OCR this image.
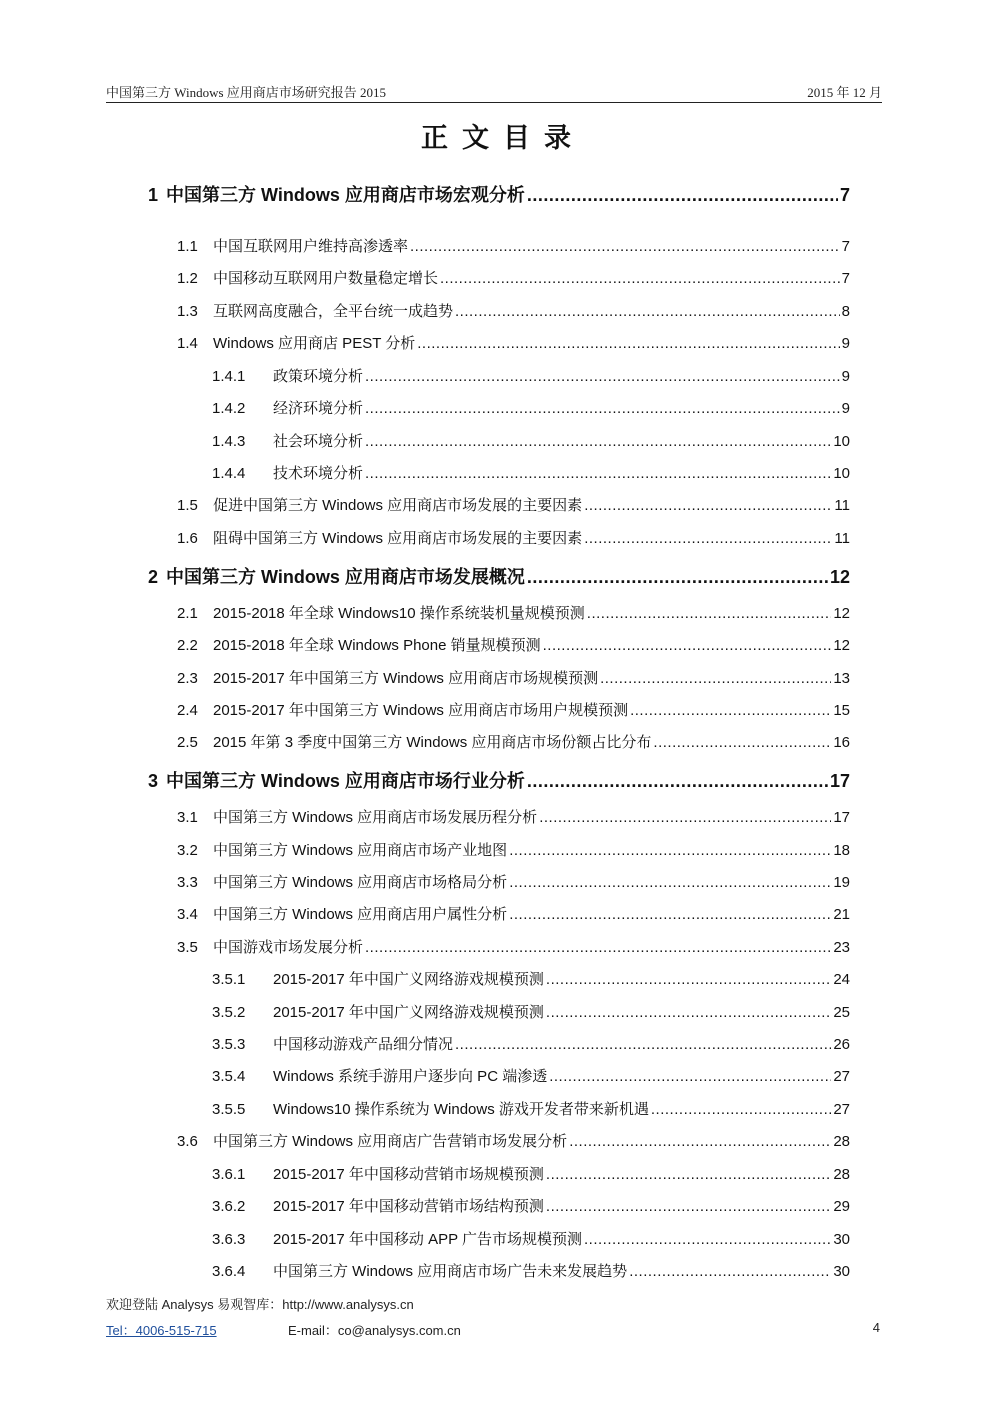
中国第三方 Windows 应用商店市场研究报告 2015	2015 年 12 月
正文目录
1 中国第三方 Windows 应用商店市场宏观分析 .....	7
1.1	中国互联网用户维持高渗透率 .....	7
1.2	中国移动互联网用户数量稳定增长 .....	7
1.3	互联网高度融合，全平台统一成趋势 .....	8
1.4	Windows 应用商店 PEST 分析 .....	9
1.4.1	政策环境分析 .....	9
1.4.2	经济环境分析 .....	9
1.4.3	社会环境分析 .....	10
1.4.4	技术环境分析 .....	10
1.5	促进中国第三方 Windows 应用商店市场发展的主要因素 .....	11
1.6	阻碍中国第三方 Windows 应用商店市场发展的主要因素 .....	11
2 中国第三方 Windows 应用商店市场发展概况 .....	12
2.1	2015-2018 年全球 Windows10 操作系统装机量规模预测 .....	12
2.2	2015-2018 年全球 Windows Phone 销量规模预测 .....	12
2.3	2015-2017 年中国第三方 Windows 应用商店市场规模预测 .....	13
2.4	2015-2017 年中国第三方 Windows 应用商店市场用户规模预测 .....	15
2.5	2015 年第 3 季度中国第三方 Windows 应用商店市场份额占比分布 .....	16
3 中国第三方 Windows 应用商店市场行业分析 .....	17
3.1	中国第三方 Windows 应用商店市场发展历程分析 .....	17
3.2	中国第三方 Windows 应用商店市场产业地图 .....	18
3.3	中国第三方 Windows 应用商店市场格局分析 .....	19
3.4	中国第三方 Windows 应用商店用户属性分析 .....	21
3.5	中国游戏市场发展分析 .....	23
3.5.1	2015-2017 年中国广义网络游戏规模预测 .....	24
3.5.2	2015-2017 年中国广义网络游戏规模预测 .....	25
3.5.3	中国移动游戏产品细分情况 .....	26
3.5.4	Windows 系统手游用户逐步向 PC 端渗透 .....	27
3.5.5	Windows10 操作系统为 Windows 游戏开发者带来新机遇 .....	27
3.6	中国第三方 Windows 应用商店广告营销市场发展分析 .....	28
3.6.1	2015-2017 年中国移动营销市场规模预测 .....	28
3.6.2	2015-2017 年中国移动营销市场结构预测 .....	29
3.6.3	2015-2017 年中国移动 APP 广告市场规模预测 .....	30
3.6.4	中国第三方 Windows 应用商店市场广告未来发展趋势 .....	30
欢迎登陆 Analysys 易观智库：http://www.analysys.cn
Tel：4006-515-715	E-mail：co@analysys.com.cn	4
